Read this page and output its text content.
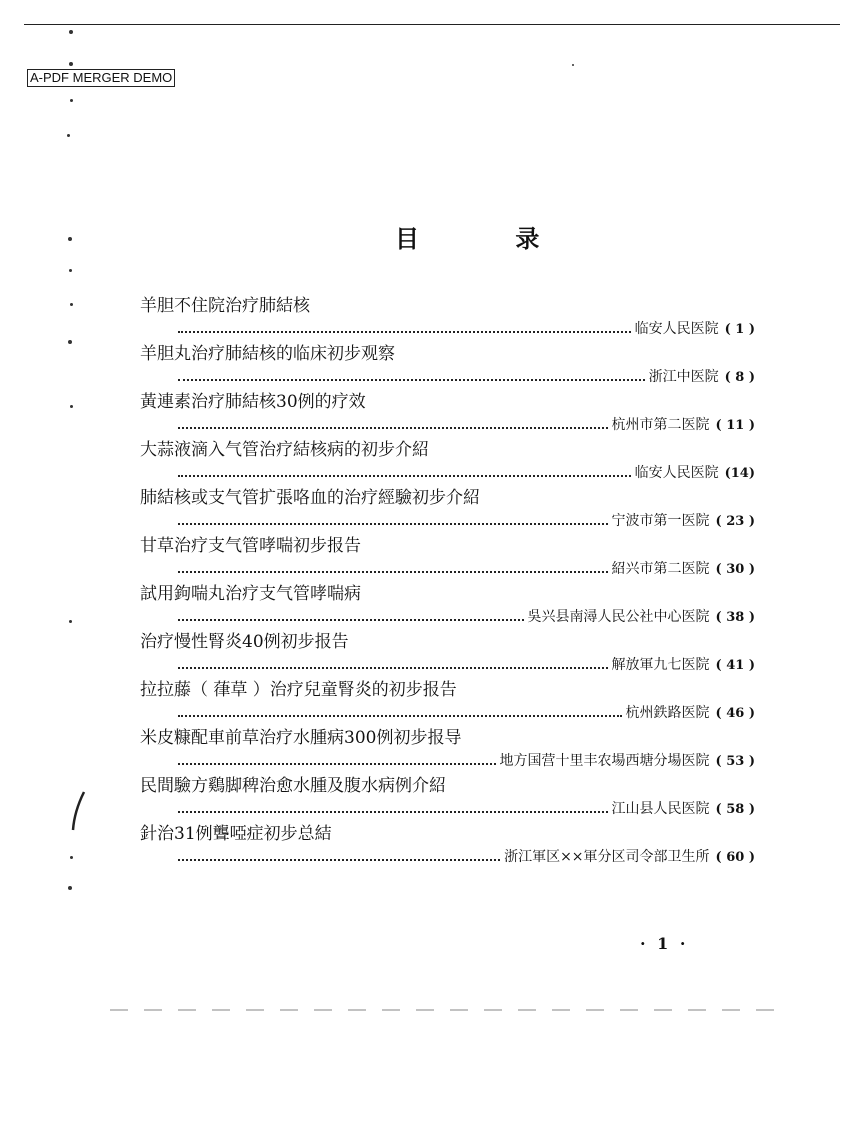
A-PDF MERGER DEMO
目 录
羊胆不住院治疗肺結核
临安人民医院 ( 1 )
羊胆丸治疗肺結核的临床初步观察
浙江中医院 ( 8 )
黃連素治疗肺結核30例的疗效
杭州市第二医院 ( 11 )
大蒜液滴入气管治疗結核病的初步介紹
临安人民医院 (14)
肺結核或支气管扩張咯血的治疗經驗初步介紹
宁波市第一医院 ( 23 )
甘草治疗支气管哮喘初步报告
紹兴市第二医院 ( 30 )
試用鉤喘丸治疗支气管哮喘病
吳兴县南潯人民公社中心医院 ( 38 )
治疗慢性腎炎40例初步报告
解放軍九七医院 ( 41 )
拉拉藤（ 葎草 ）治疗兒童腎炎的初步报告
杭州鉄路医院 ( 46 )
米皮糠配車前草治疗水腫病300例初步报导
地方国营十里丰农場西塘分場医院 ( 53 )
民間驗方鷄脚稗治愈水腫及腹水病例介紹
江山县人民医院 ( 58 )
針治31例聾啞症初步总結
浙江軍区××軍分区司令部卫生所 ( 60 )
· 1 ·
